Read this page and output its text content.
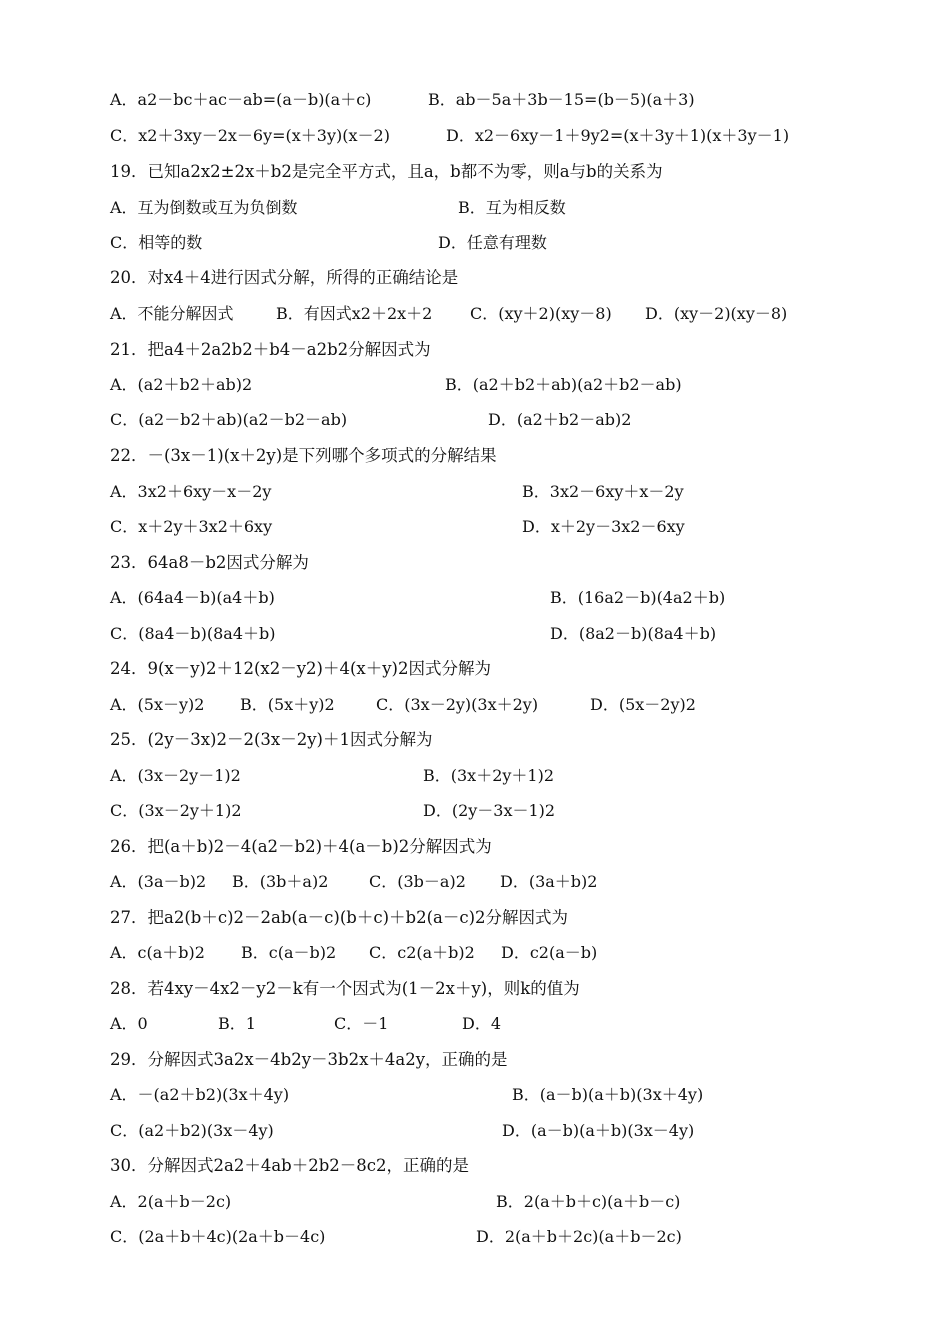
A．a2－bc＋ac－ab=(a－b)(a＋c)	B．ab－5a＋3b－15=(b－5)(a＋3)
C．x2＋3xy－2x－6y=(x＋3y)(x－2)	D．x2－6xy－1＋9y2=(x＋3y＋1)(x＋3y－1)
19．已知a2x2±2x＋b2是完全平方式，且a，b都不为零，则a与b的关系为
A．互为倒数或互为负倒数	B．互为相反数
C．相等的数	D．任意有理数
20．对x4＋4进行因式分解，所得的正确结论是
A．不能分解因式	B．有因式x2＋2x＋2 C．(xy＋2)(xy－8) D．(xy－2)(xy－8)
21．把a4＋2a2b2＋b4－a2b2分解因式为
A．(a2＋b2＋ab)2	B．(a2＋b2＋ab)(a2＋b2－ab)
C．(a2－b2＋ab)(a2－b2－ab)	D．(a2＋b2－ab)2
22．－(3x－1)(x＋2y)是下列哪个多项式的分解结果
A．3x2＋6xy－x－2y	B．3x2－6xy＋x－2y
C．x＋2y＋3x2＋6xy	D．x＋2y－3x2－6xy
23．64a8－b2因式分解为
A．(64a4－b)(a4＋b)	B．(16a2－b)(4a2＋b)
C．(8a4－b)(8a4＋b)	D．(8a2－b)(8a4＋b)
24．9(x－y)2＋12(x2－y2)＋4(x＋y)2因式分解为
A．(5x－y)2 B．(5x＋y)2	C．(3x－2y)(3x＋2y)	D．(5x－2y)2
25．(2y－3x)2－2(3x－2y)＋1因式分解为
A．(3x－2y－1)2	B．(3x＋2y＋1)2
C．(3x－2y＋1)2	D．(2y－3x－1)2
26．把(a＋b)2－4(a2－b2)＋4(a－b)2分解因式为
A．(3a－b)2 B．(3b＋a)2	C．(3b－a)2 D．(3a＋b)2
27．把a2(b＋c)2－2ab(a－c)(b＋c)＋b2(a－c)2分解因式为
A．c(a＋b)2 B．c(a－b)2 C．c2(a＋b)2 D．c2(a－b)
28．若4xy－4x2－y2－k有一个因式为(1－2x＋y)，则k的值为
A．0	B．1	C．－1	D．4
29．分解因式3a2x－4b2y－3b2x＋4a2y，正确的是
A．－(a2＋b2)(3x＋4y)	B．(a－b)(a＋b)(3x＋4y)
C．(a2＋b2)(3x－4y)	D．(a－b)(a＋b)(3x－4y)
30．分解因式2a2＋4ab＋2b2－8c2，正确的是
A．2(a＋b－2c)	B．2(a＋b＋c)(a＋b－c)
C．(2a＋b＋4c)(2a＋b－4c)	D．2(a＋b＋2c)(a＋b－2c)
